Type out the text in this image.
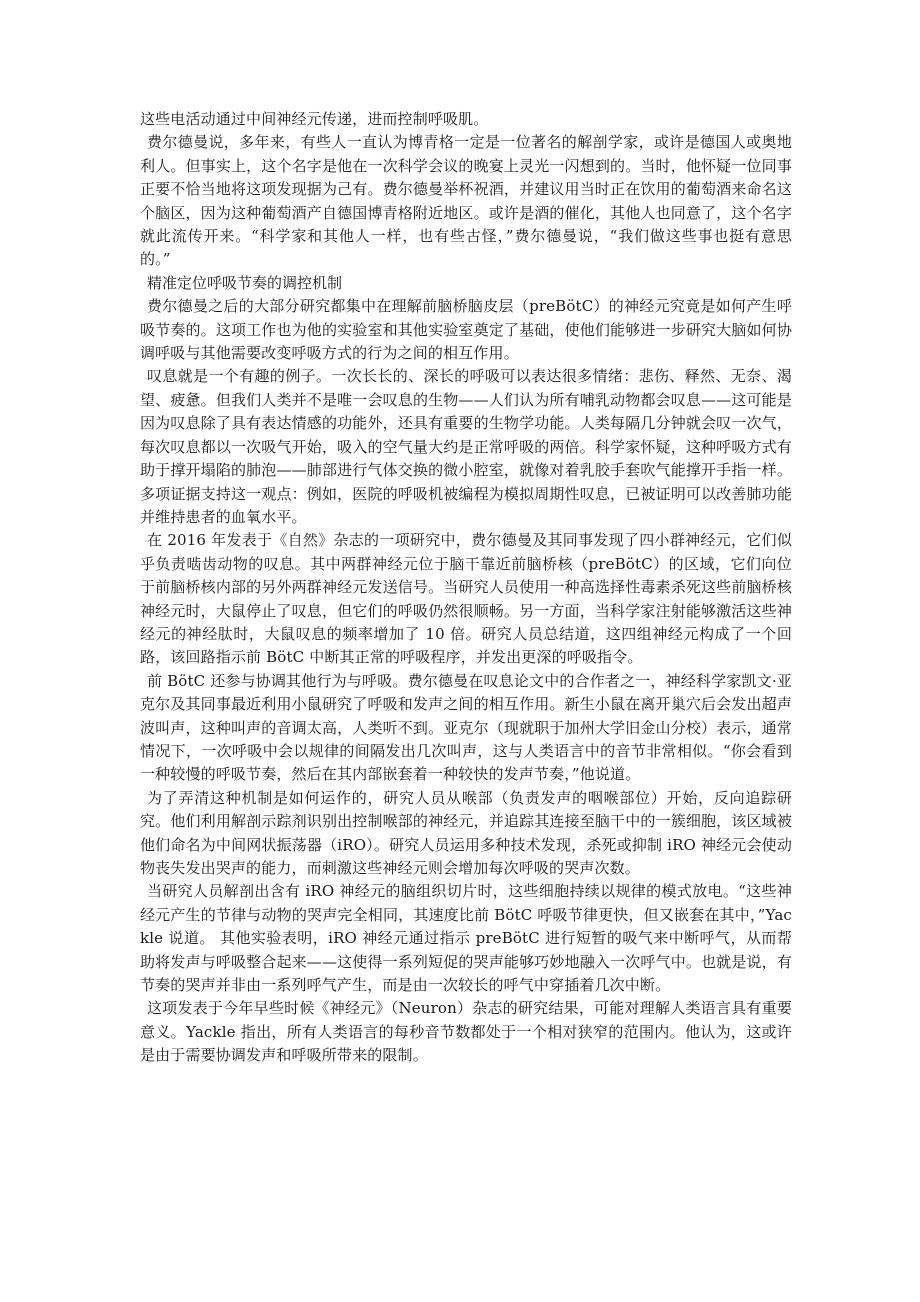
这些电活动通过中间神经元传递，进而控制呼吸肌。

费尔德曼说，多年来，有些人一直认为博青格一定是一位著名的解剖学家，或许是德国人或奥地利人。但事实上，这个名字是他在一次科学会议的晚宴上灵光一闪想到的。当时，他怀疑一位同事正要不恰当地将这项发现据为己有。费尔德曼举杯祝酒，并建议用当时正在饮用的葡萄酒来命名这个脑区，因为这种葡萄酒产自德国博青格附近地区。或许是酒的催化，其他人也同意了，这个名字就此流传开来。“科学家和其他人一样，也有些古怪，”费尔德曼说，“我们做这些事也挺有意思的。”

精准定位呼吸节奏的调控机制

费尔德曼之后的大部分研究都集中在理解前脑桥脑皮层（preBötC）的神经元究竟是如何产生呼吸节奏的。这项工作也为他的实验室和其他实验室奠定了基础，使他们能够进一步研究大脑如何协调呼吸与其他需要改变呼吸方式的行为之间的相互作用。

叹息就是一个有趣的例子。一次长长的、深长的呼吸可以表达很多情绪：悲伤、释然、无奈、渴望、疲惫。但我们人类并不是唯一会叹息的生物——人们认为所有哺乳动物都会叹息——这可能是因为叹息除了具有表达情感的功能外，还具有重要的生物学功能。人类每隔几分钟就会叹一次气，每次叹息都以一次吸气开始，吸入的空气量大约是正常呼吸的两倍。科学家怀疑，这种呼吸方式有助于撑开塌陷的肺泡——肺部进行气体交换的微小腔室，就像对着乳胶手套吹气能撑开手指一样。多项证据支持这一观点：例如，医院的呼吸机被编程为模拟周期性叹息，已被证明可以改善肺功能并维持患者的血氧水平。

在 2016 年发表于《自然》杂志的一项研究中，费尔德曼及其同事发现了四小群神经元，它们似乎负责啮齿动物的叹息。其中两群神经元位于脑干靠近前脑桥核（preBötC）的区域，它们向位于前脑桥核内部的另外两群神经元发送信号。当研究人员使用一种高选择性毒素杀死这些前脑桥核神经元时，大鼠停止了叹息，但它们的呼吸仍然很顺畅。另一方面，当科学家注射能够激活这些神经元的神经肽时，大鼠叹息的频率增加了 10 倍。研究人员总结道，这四组神经元构成了一个回路，该回路指示前 BötC 中断其正常的呼吸程序，并发出更深的呼吸指令。

前 BötC 还参与协调其他行为与呼吸。费尔德曼在叹息论文中的合作者之一，神经科学家凯文·亚克尔及其同事最近利用小鼠研究了呼吸和发声之间的相互作用。新生小鼠在离开巢穴后会发出超声波叫声，这种叫声的音调太高，人类听不到。亚克尔（现就职于加州大学旧金山分校）表示，通常情况下，一次呼吸中会以规律的间隔发出几次叫声，这与人类语言中的音节非常相似。“你会看到一种较慢的呼吸节奏，然后在其内部嵌套着一种较快的发声节奏，”他说道。

为了弄清这种机制是如何运作的，研究人员从喉部（负责发声的咽喉部位）开始，反向追踪研究。他们利用解剖示踪剂识别出控制喉部的神经元，并追踪其连接至脑干中的一簇细胞，该区域被他们命名为中间网状振荡器（iRO）。研究人员运用多种技术发现，杀死或抑制 iRO 神经元会使动物丧失发出哭声的能力，而刺激这些神经元则会增加每次呼吸的哭声次数。

当研究人员解剖出含有 iRO 神经元的脑组织切片时，这些细胞持续以规律的模式放电。“这些神经元产生的节律与动物的哭声完全相同，其速度比前 BötC 呼吸节律更快，但又嵌套在其中，”Yackle 说道。 其他实验表明，iRO 神经元通过指示 preBötC 进行短暂的吸气来中断呼气，从而帮助将发声与呼吸整合起来——这使得一系列短促的哭声能够巧妙地融入一次呼气中。也就是说，有节奏的哭声并非由一系列呼气产生，而是由一次较长的呼气中穿插着几次中断。

这项发表于今年早些时候《神经元》（Neuron）杂志的研究结果，可能对理解人类语言具有重要意义。Yackle 指出，所有人类语言的每秒音节数都处于一个相对狭窄的范围内。他认为，这或许是由于需要协调发声和呼吸所带来的限制。
